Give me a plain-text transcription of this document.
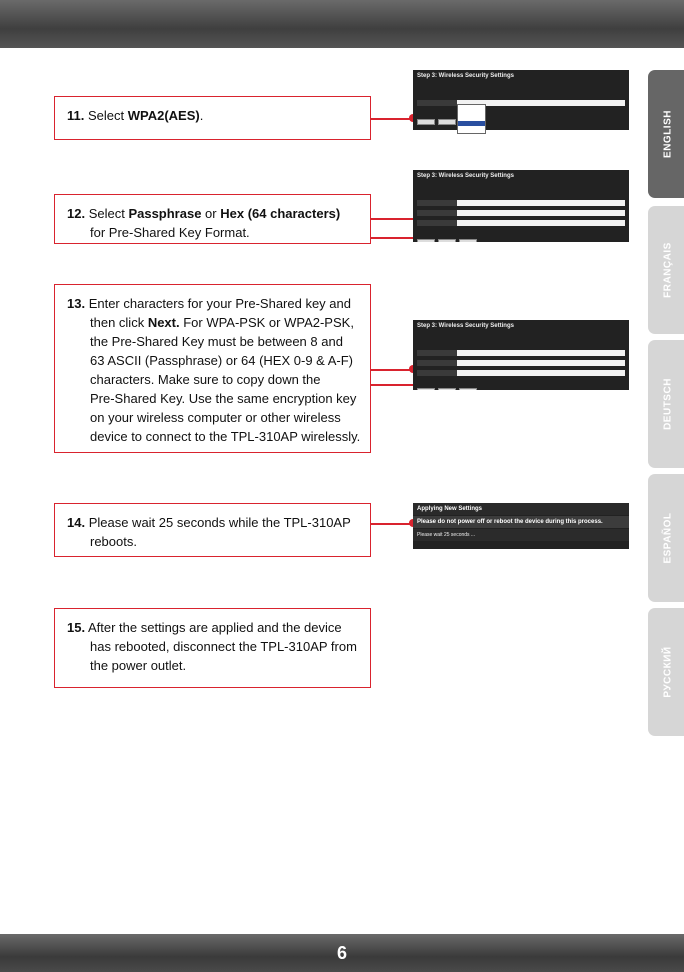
11. Select WPA2(AES).
12. Select Passphrase or Hex (64 characters)
for Pre-Shared Key Format.
13. Enter characters for your Pre-Shared key and
then click Next. For WPA-PSK or WPA2-PSK,
the Pre-Shared Key must be between 8 and
63 ASCII (Passphrase) or 64 (HEX 0-9 & A-F)
characters. Make sure to copy down the
Pre-Shared Key. Use the same encryption key
on your wireless computer or other wireless
device to connect to the TPL-310AP wirelessly.
14. Please wait 25 seconds while the TPL-310AP
reboots.
15. After the settings are applied and the device
has rebooted, disconnect the TPL-310AP from
the power outlet.
Step 3: Wireless Security Settings
Step 3: Wireless Security Settings
Step 3: Wireless Security Settings
Applying New Settings
Please do not power off or reboot the device during this process.
Please wait 25 seconds ...
ENGLISH
FRANÇAIS
DEUTSCH
ESPAÑOL
РУССКИЙ
6
